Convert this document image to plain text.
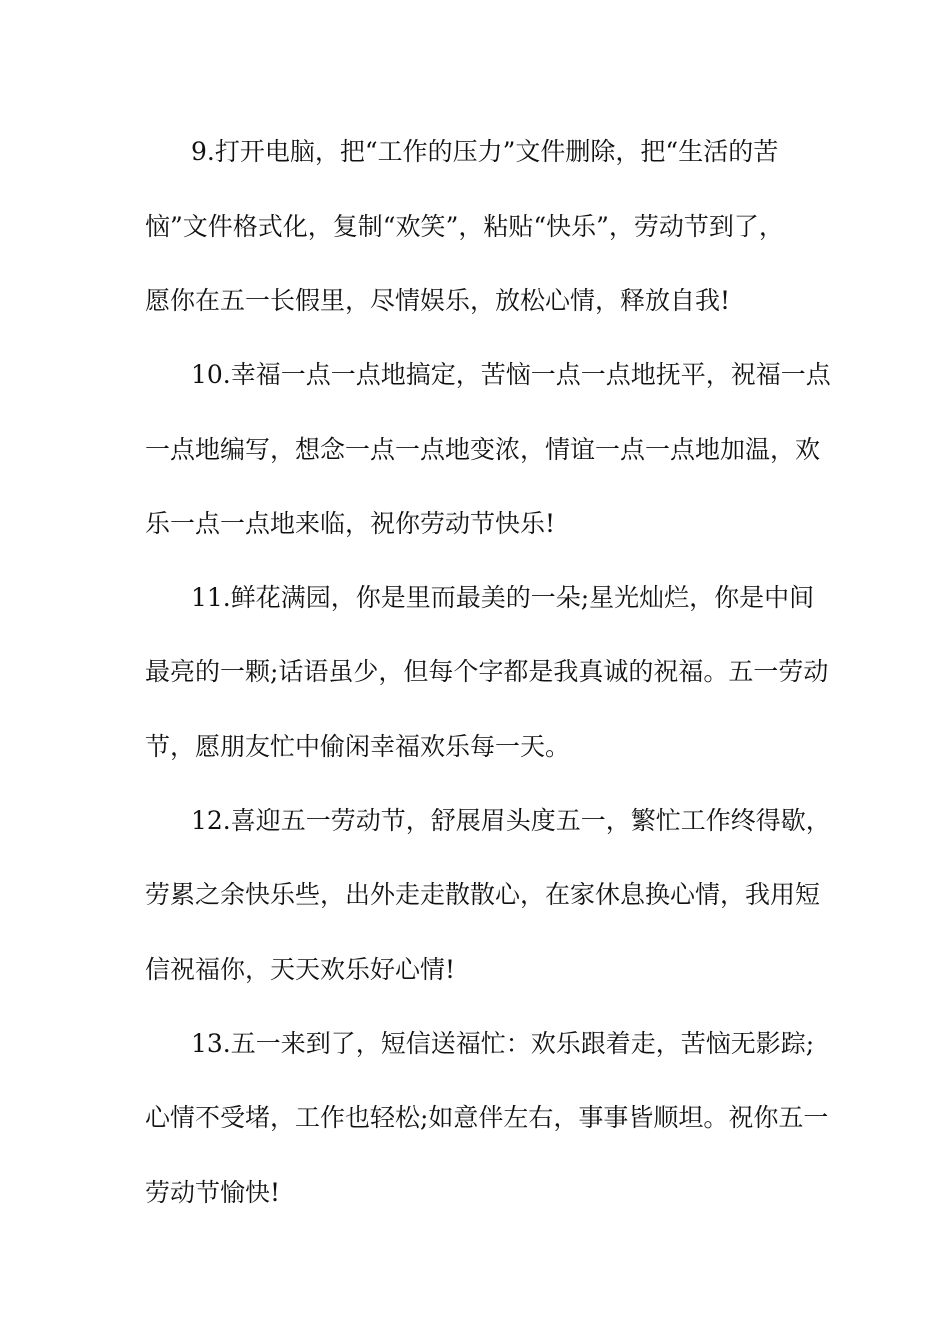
9.打开电脑，把“工作的压力”文件删除，把“生活的苦
恼”文件格式化，复制“欢笑”，粘贴“快乐”，劳动节到了，
愿你在五一长假里，尽情娱乐，放松心情，释放自我!
10.幸福一点一点地搞定，苦恼一点一点地抚平，祝福一点
一点地编写，想念一点一点地变浓，情谊一点一点地加温，欢
乐一点一点地来临，祝你劳动节快乐!
11.鲜花满园，你是里而最美的一朵;星光灿烂，你是中间
最亮的一颗;话语虽少，但每个字都是我真诚的祝福。五一劳动
节，愿朋友忙中偷闲幸福欢乐每一天。
12.喜迎五一劳动节，舒展眉头度五一，繁忙工作终得歇，
劳累之余快乐些，出外走走散散心，在家休息换心情，我用短
信祝福你，天天欢乐好心情!
13.五一来到了，短信送福忙：欢乐跟着走，苦恼无影踪;
心情不受堵，工作也轻松;如意伴左右，事事皆顺坦。祝你五一
劳动节愉快!
